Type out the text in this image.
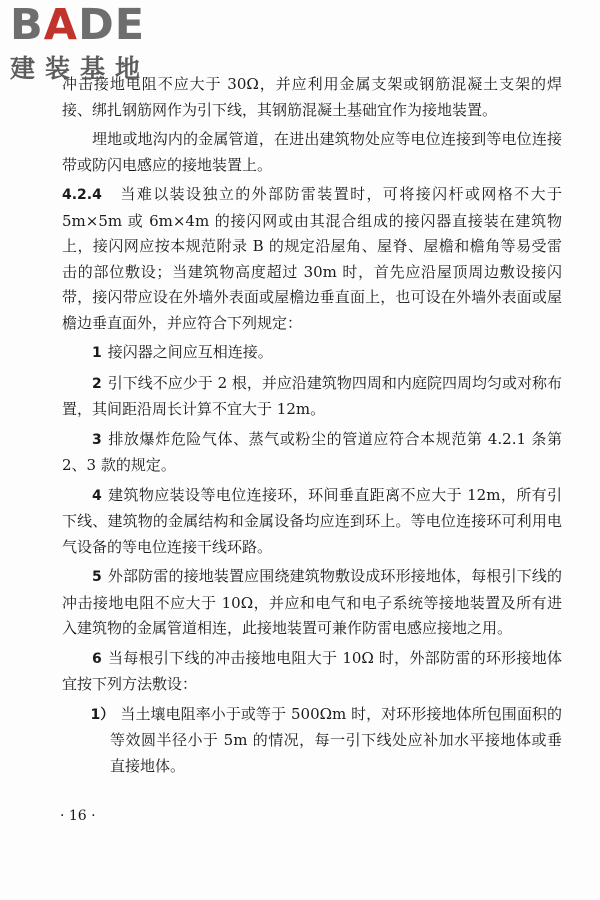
BADE
建装基地

冲击接地电阻不应大于 30Ω，并应利用金属支架或钢筋混凝土支架的焊接、绑扎钢筋网作为引下线，其钢筋混凝土基础宜作为接地装置。

埋地或地沟内的金属管道，在进出建筑物处应等电位连接到等电位连接带或防闪电感应的接地装置上。

4.2.4 当难以装设独立的外部防雷装置时，可将接闪杆或网格不大于 5m×5m 或 6m×4m 的接闪网或由其混合组成的接闪器直接装在建筑物上，接闪网应按本规范附录 B 的规定沿屋角、屋脊、屋檐和檐角等易受雷击的部位敷设；当建筑物高度超过 30m 时，首先应沿屋顶周边敷设接闪带，接闪带应设在外墙外表面或屋檐边垂直面上，也可设在外墙外表面或屋檐边垂直面外，并应符合下列规定：

1 接闪器之间应互相连接。

2 引下线不应少于 2 根，并应沿建筑物四周和内庭院四周均匀或对称布置，其间距沿周长计算不宜大于 12m。

3 排放爆炸危险气体、蒸气或粉尘的管道应符合本规范第 4.2.1 条第 2、3 款的规定。

4 建筑物应装设等电位连接环，环间垂直距离不应大于 12m，所有引下线、建筑物的金属结构和金属设备均应连到环上。等电位连接环可利用电气设备的等电位连接干线环路。

5 外部防雷的接地装置应围绕建筑物敷设成环形接地体，每根引下线的冲击接地电阻不应大于 10Ω，并应和电气和电子系统等接地装置及所有进入建筑物的金属管道相连，此接地装置可兼作防雷电感应接地之用。

6 当每根引下线的冲击接地电阻大于 10Ω 时，外部防雷的环形接地体宜按下列方法敷设：

1） 当土壤电阻率小于或等于 500Ωm 时，对环形接地体所包围面积的等效圆半径小于 5m 的情况，每一引下线处应补加水平接地体或垂直接地体。

· 16 ·
